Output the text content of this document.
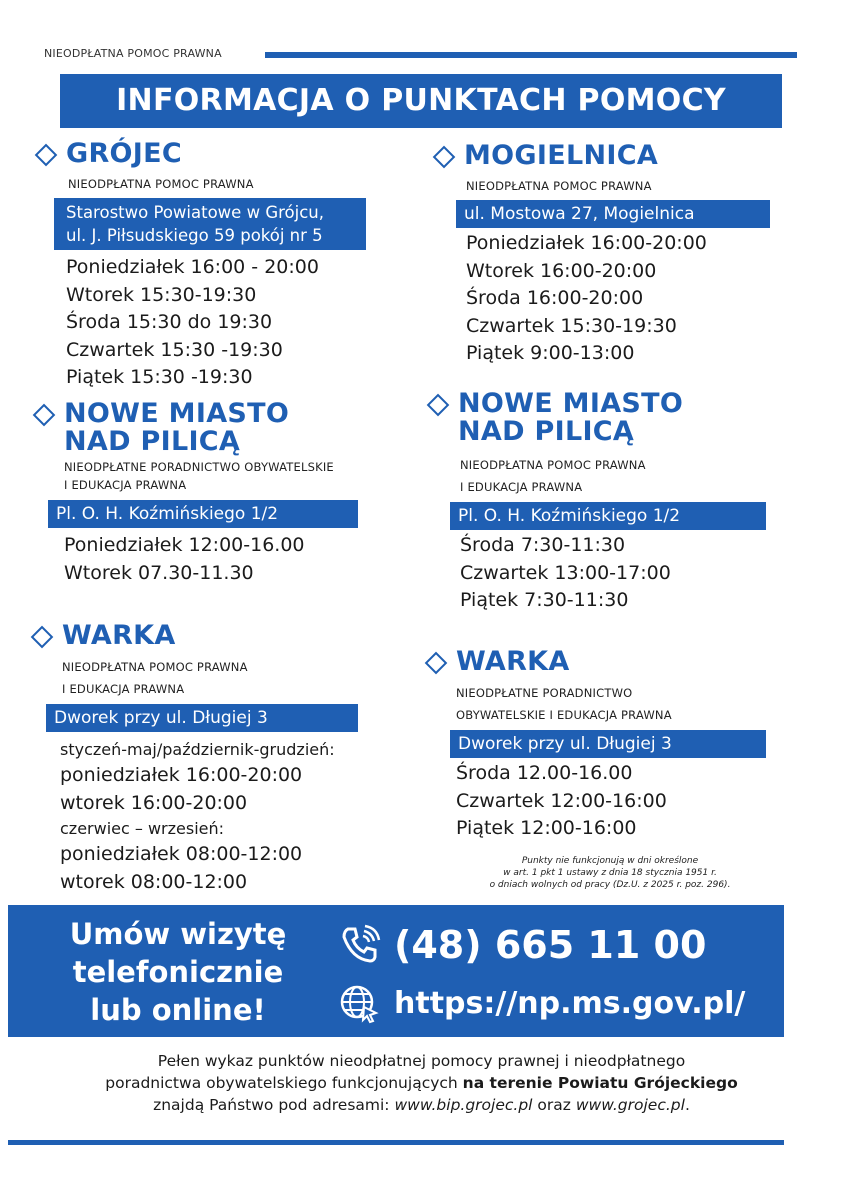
NIEODPŁATNA POMOC PRAWNA
INFORMACJA O PUNKTACH POMOCY
GRÓJEC
NIEODPŁATNA POMOC PRAWNA
Starostwo Powiatowe w Grójcu,
ul. J. Piłsudskiego 59 pokój nr 5
Poniedziałek 16:00 - 20:00
Wtorek 15:30-19:30
Środa 15:30 do 19:30
Czwartek 15:30 -19:30
Piątek 15:30 -19:30
MOGIELNICA
NIEODPŁATNA POMOC PRAWNA
ul. Mostowa 27, Mogielnica
Poniedziałek 16:00-20:00
Wtorek 16:00-20:00
Środa 16:00-20:00
Czwartek 15:30-19:30
Piątek 9:00-13:00
NOWE MIASTO
NAD PILICĄ
NIEODPŁATNE PORADNICTWO OBYWATELSKIE
I EDUKACJA PRAWNA
Pl. O. H. Koźmińskiego 1/2
Poniedziałek 12:00-16.00
Wtorek 07.30-11.30
NOWE MIASTO
NAD PILICĄ
NIEODPŁATNA POMOC PRAWNA
I EDUKACJA PRAWNA
Pl. O. H. Koźmińskiego 1/2
Środa 7:30-11:30
Czwartek 13:00-17:00
Piątek 7:30-11:30
WARKA
NIEODPŁATNA POMOC PRAWNA
I EDUKACJA PRAWNA
Dworek przy ul. Długiej 3
styczeń-maj/październik-grudzień:
poniedziałek 16:00-20:00
wtorek 16:00-20:00
czerwiec – wrzesień:
poniedziałek 08:00-12:00
wtorek 08:00-12:00
WARKA
NIEODPŁATNE PORADNICTWO
OBYWATELSKIE I EDUKACJA PRAWNA
Dworek przy ul. Długiej 3
Środa 12.00-16.00
Czwartek 12:00-16:00
Piątek 12:00-16:00
Punkty nie funkcjonują w dni określone
w art. 1 pkt 1 ustawy z dnia 18 stycznia 1951 r.
o dniach wolnych od pracy (Dz.U. z 2025 r. poz. 296).
Umów wizytę
telefonicznie
lub online!
(48) 665 11 00
https://np.ms.gov.pl/
Pełen wykaz punktów nieodpłatnej pomocy prawnej i nieodpłatnego
poradnictwa obywatelskiego funkcjonujących na terenie Powiatu Grójeckiego
znajdą Państwo pod adresami: www.bip.grojec.pl oraz www.grojec.pl.
